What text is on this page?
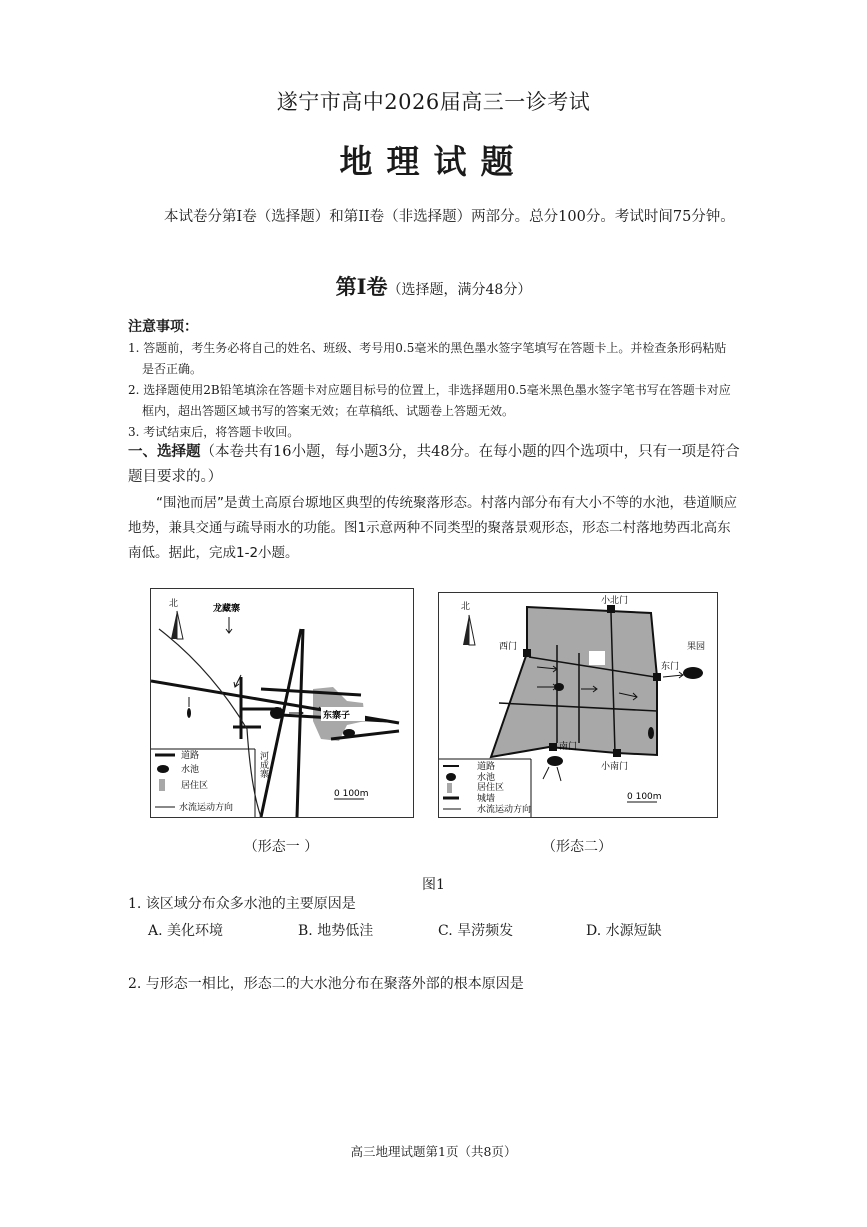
遂宁市高中2026届高三一诊考试
地理试题
本试卷分第Ⅰ卷（选择题）和第II卷（非选择题）两部分。总分100分。考试时间75分钟。
第Ⅰ卷（选择题，满分48分）
注意事项：
1. 答题前，考生务必将自己的姓名、班级、考号用0.5毫米的黑色墨水签字笔填写在答题卡上。并检查条形码粘贴
是否正确。
2. 选择题使用2B铅笔填涂在答题卡对应题目标号的位置上，非选择题用0.5毫米黑色墨水签字笔书写在答题卡对应
框内，超出答题区域书写的答案无效；在草稿纸、试题卷上答题无效。
3. 考试结束后，将答题卡收回。
一、选择题（本卷共有16小题，每小题3分，共48分。在每小题的四个选项中，只有一项是符合题目要求的。）
“围池而居”是黄土高原台塬地区典型的传统聚落形态。村落内部分布有大小不等的水池，巷道顺应地势，兼具交通与疏导雨水的功能。图1示意两种不同类型的聚落景观形态，形态二村落地势西北高东南低。据此，完成1-2小题。
北	龙藏寨
东寨子
河成寨
道路
水池
居住区
水流运动方向
0 100m
北
小北门
西门	果园
东门
南门
小南门
道路
水池
居住区
城墙
水流运动方向
0 100m
（形态一 ）	（形态二）
图1
1. 该区域分布众多水池的主要原因是
A. 美化环境	B. 地势低洼	C. 旱涝频发	D. 水源短缺
2. 与形态一相比，形态二的大水池分布在聚落外部的根本原因是
高三地理试题第1页（共8页）
